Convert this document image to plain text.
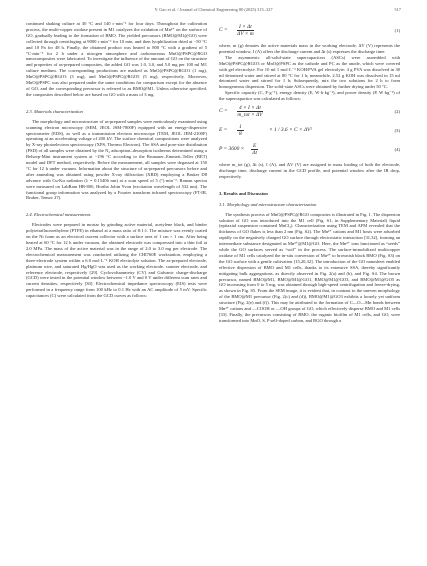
Y. Gao et al. / Journal of Chemical Engineering 80 (2025) 315–327	317

continued shaking culture at 30 °C and 140 r·min⁻¹ for four days. Throughout the cultivation process, the multi-copper oxidase present in M1 catalyzes the oxidation of Mn²⁺ on the surface of GO, gradually leading to the formation of BMO. The yielded precursors (BMO@M1@GO) were collected through centrifuging at 9000 r·min⁻¹ for 10 min, and then lyophilization dried at −50 °C and 10 Pa for 48 h. Finally, the obtained product was heated to 800 °C with a gradient of 5 °C·min⁻¹ for 2 h under a nitrogen atmosphere and carbonaceous MnO@PSPC@RGO nanocomposites were fabricated. To investigate the influence of the amount of GO on the structure and properties of as-prepared composites, the added GO was 1.0, 3.0, and 5.0 mg per 100 ml M1 culture medium. The corresponding productions are marked as MnO@PSPC@RGO1 (1 mg), MnO@PSPC@RGO3 (3 mg), and MnO@PSPC@RGO5 (5 mg), respectively. Moreover, MnO@PSPC was also prepared under the same conditions for comparison except for the absence of GO, and the corresponding precursor is referred to as BMO@M1. Unless otherwise specified, the composites described below are based on GO with a mass of 3 mg.

2.3. Materials characterization

The morphology and microstructure of as-prepared samples were meticulously examined using scanning electron microscopy (SEM, JEOL JSM-7800F) equipped with an energy-dispersive spectrometer (EDS), as well as a transmission electron microscope (TEM, JEOL JEM-2100F) operating at an accelerating voltage of 200 kV. The surface chemical compositions were analyzed by X-ray photoelectron spectroscopy (XPS, Thermo Electron). The SSA and pore-size distribution (PSD) of all samples were obtained by the N₂ adsorption–desorption isotherms determined using a Belsorp-Mini instrument system at −196 °C according to the Brunauer–Emmett–Teller (BET) model and DFT method, respectively. Before the measurement, all samples were degassed at 150 °C for 12 h under vacuum. Information about the structure of as-prepared precursors before and after annealing was obtained using powder X-ray diffraction (XRD) employing a Bruker D8 advance with Cu-Kα radiation (λ = 0.15406 nm) at a scan speed of 5 (°)·min⁻¹. Raman spectra were measured on LabRam HR-800, Horiba Jobin Yvon (excitation wavelength of 532 nm). The functional group information was analyzed by a Fourier transform infrared spectroscopy (FT-IR, Bruker, Tensor 27).

2.4. Electrochemical measurements

Electrodes were prepared in mortar by grinding active material, acetylene black, and binder polytetrafluoroethylene (PTFE) in ethanol at a mass ratio of 8:1:1. The mixture was evenly coated on the Ni foam as an electrical current collector with a surface area of 1 cm × 1 cm. After being heated at 60 °C for 12 h under vacuum, the obtained electrode was compressed into a thin foil at 2.0 MPa. The mass of the active material was in the range of 2.0 to 3.0 mg per electrode. The electrochemical measurement was conducted utilizing the CHI760E workstation, employing a three-electrode system within a 6.0 mol·L⁻¹ KOH electrolyte solution. The as-prepared electrode, platinum wire, and saturated Hg/HgO was used as the working electrode, counter electrode, and reference electrode, respectively [29]. Cyclovoltammetry (CV) and Galvanic charge-discharge (GCD) were tested in the potential window between −1.0 V and 0 V under different scan rates and current densities, respectively [30]. Electrochemical impedance spectroscopy (EIS) tests were performed in a frequency range from 100 kHz to 0.1 Hz with an AC amplitude of 5 mV. Specific capacitances (C) were calculated from the GCD curves as follows:

$C = \frac{I \times \Delta t}{\Delta V \times m}$	(1)

where, m (g) denotes the active materials mass in the working electrode, ΔV (V) represents the potential window, I (A) offers the discharge current and Δt (s) expresses the discharge time.

The asymmetric all-solid-state supercapacitors (ASCs) were assembled with MnO@PSPC@RGO3 or MnO@PSPC as the cathode and PC as the anode, which were covered with gel electrolyte. For 10 ml 1 mol·L⁻¹ KOH/PVA gel electrolyte: 4 g PVA was dissolved in 30 ml deionized water and stirred at 80 °C for 1 h; meanwhile, 2.52 g KOH was dissolved in 15 ml deionized water and stirred for 1 h; Subsequently, mix the two solutions for 2 h to form homogeneous dispersion. The solid-state ASCs were obtained by further drying under 50 °C.

Specific capacity (C, F·g⁻¹), energy density (E, W·h·kg⁻¹), and power density (P, W·kg⁻¹) of the supercapacitor was calculated as follows:

C =	4 × I × Δt
m_tot × ΔV
(2)
$E = \frac{1}{8}$	× 1 / 3.6 × C × ΔV²	(3)
$P = 3600 \times \frac{E}{\Delta t}$	(4)

where m_tot (g), Δt (s), I (A), and ΔV (V) are assigned to mass loading of both the electrode, discharge time, discharge current in the GCD profile, and potential window after the IR drop, respectively.

3. Results and Discussion
3.1. Morphology and microstructure characterization

The synthesis process of MnO@PSPC@RGO composites is illustrated in Fig. 1. The dispersion solution of GO was introduced into the M1 cell (Fig. S1, in Supplementary Material) liquid (epitaxial suspension contained MnCl₂). Characterization using TEM and AFM revealed that the thickness of GO flakes is less than 2 nm (Fig. S2). The Mn²⁺ cations and M1 hosts were adsorbed rapidly on the negatively charged GO surface through electrostatic interaction [31,32], forming an intermediate substance designated as Mn²⁺@M1@GO. Here, the Mn²⁺ ions functioned as “seeds” while the GO surfaces served as “soil” in the process. The surface-immobilized multicopper oxidase of M1 cells catalyzed the in-situ conversion of Mn²⁺ to brownish black BMO (Fig. S3) on the GO surface with a gentle cultivation [15,20,32]. The introduction of the GO nanosheet enabled effective dispersion of BMO and M1 cells, thanks to its extensive SSA, thereby significantly mitigating bulk aggregations, as directly observed in Fig. 2(a) and (b), and Fig. S4. The brown precursor, named BMO@M1, BMO@M1@GO1, BMO@M1@GO3, and BMO@M1@GO5 as GO increasing from 0 to 5 mg, was obtained through high-speed centrifugation and freeze-drying, as shown in Fig. S5. From the SEM image, it is evident that, in contrast to the uneven morphology of the BMO@M1 precursor (Fig. 2(c) and (d)), BMO@M1@GO3 exhibits a loosely yet uniform structure (Fig. 2(e) and (f)). This may be attributed to the formation of C—O—Mn bonds between Mn²⁺ cations and —COOH or —OH groups of GO, which effectively disperse BMO and M1 cells [33]. Finally, the precursors consisting of BMO, the organic biofilm of M1 cells, and GO, were transformed into MnO, S, P self-doped carbon, and RGO through a
